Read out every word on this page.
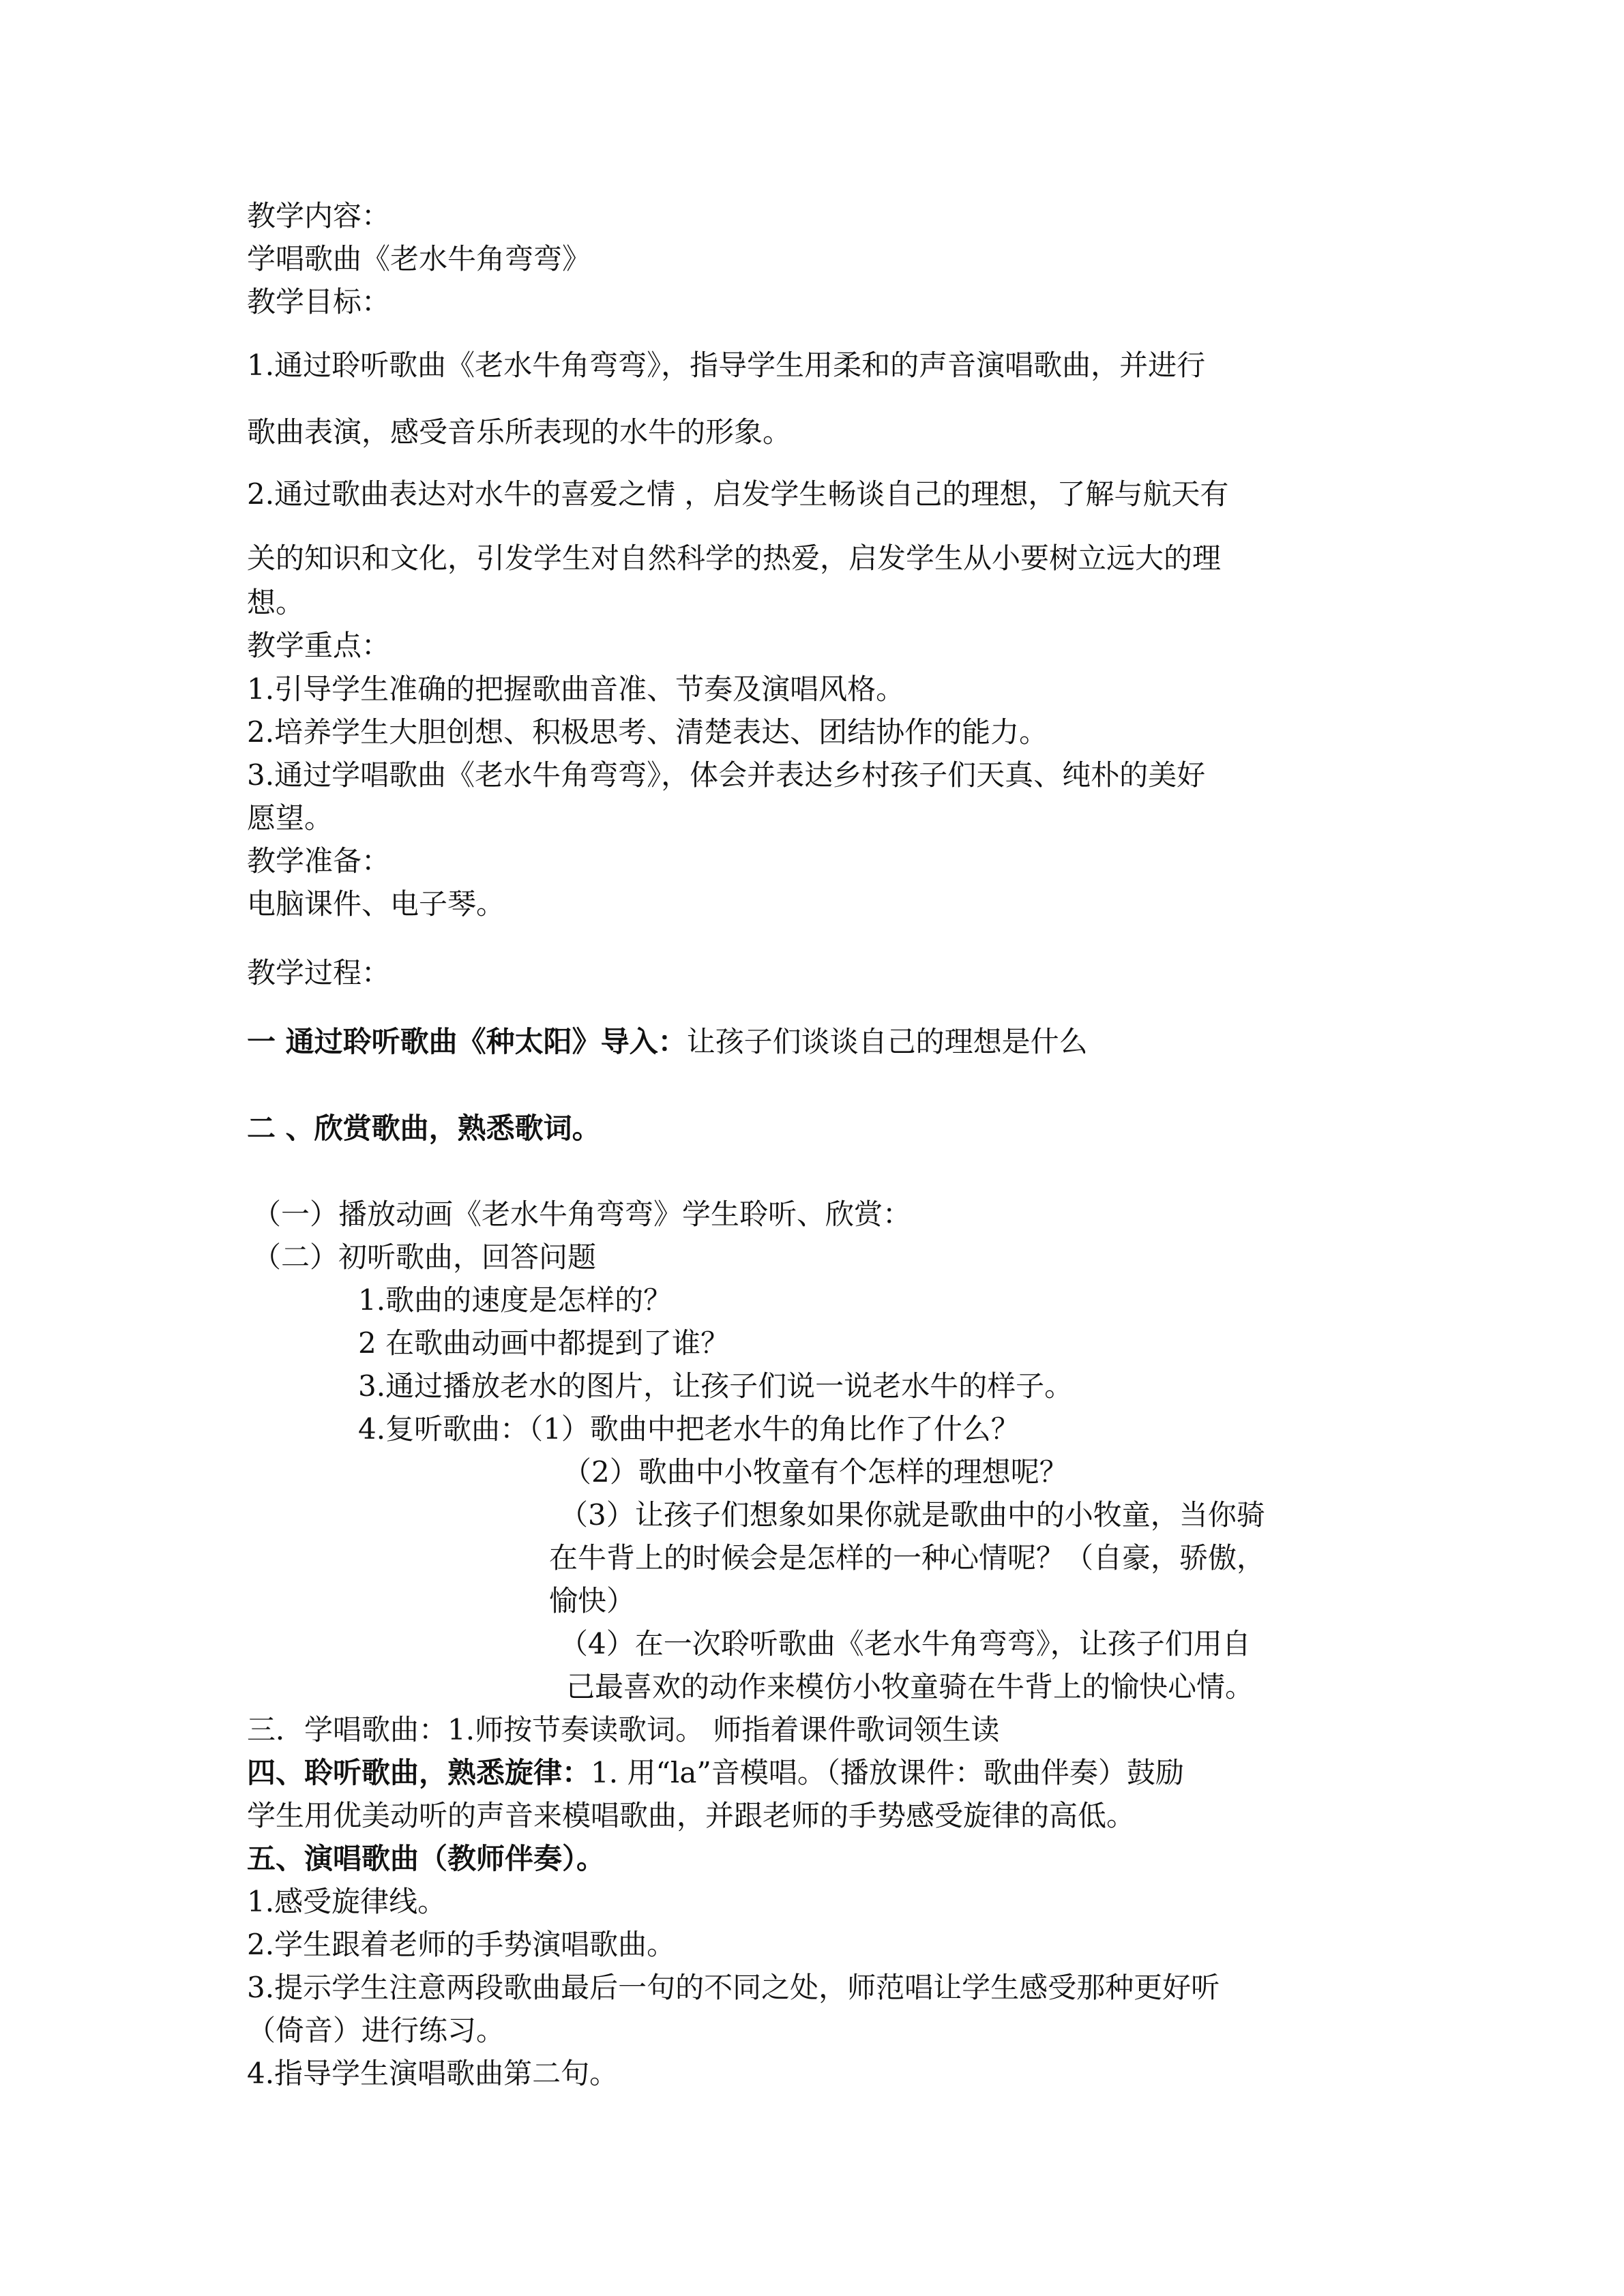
教学内容：
学唱歌曲《老水牛角弯弯》
教学目标：
1.通过聆听歌曲《老水牛角弯弯》，指导学生用柔和的声音演唱歌曲，并进行
歌曲表演，感受音乐所表现的水牛的形象。
2.通过歌曲表达对水牛的喜爱之情 ，启发学生畅谈自己的理想，了解与航天有
关的知识和文化，引发学生对自然科学的热爱，启发学生从小要树立远大的理
想。
教学重点：
1.引导学生准确的把握歌曲音准、节奏及演唱风格。
2.培养学生大胆创想、积极思考、清楚表达、团结协作的能力。
3.通过学唱歌曲《老水牛角弯弯》，体会并表达乡村孩子们天真、纯朴的美好
愿望。
教学准备：
电脑课件、电子琴。
教学过程：
一 通过聆听歌曲《种太阳》导入：让孩子们谈谈自己的理想是什么
二 、欣赏歌曲，熟悉歌词。
（一）播放动画《老水牛角弯弯》学生聆听、欣赏：
（二）初听歌曲，回答问题
1.歌曲的速度是怎样的？
2 在歌曲动画中都提到了谁？
3.通过播放老水的图片，让孩子们说一说老水牛的样子。
4.复听歌曲：（1）歌曲中把老水牛的角比作了什么？
（2）歌曲中小牧童有个怎样的理想呢？
（3）让孩子们想象如果你就是歌曲中的小牧童，当你骑
在牛背上的时候会是怎样的一种心情呢？（自豪，骄傲，
愉快）
（4）在一次聆听歌曲《老水牛角弯弯》，让孩子们用自
己最喜欢的动作来模仿小牧童骑在牛背上的愉快心情。
三．学唱歌曲：1.师按节奏读歌词。 师指着课件歌词领生读
四、聆听歌曲，熟悉旋律：1. 用“la”音模唱。（播放课件：歌曲伴奏）鼓励
学生用优美动听的声音来模唱歌曲，并跟老师的手势感受旋律的高低。
五、演唱歌曲（教师伴奏）。
1.感受旋律线。
2.学生跟着老师的手势演唱歌曲。
3.提示学生注意两段歌曲最后一句的不同之处，师范唱让学生感受那种更好听
（倚音）进行练习。
4.指导学生演唱歌曲第二句。
